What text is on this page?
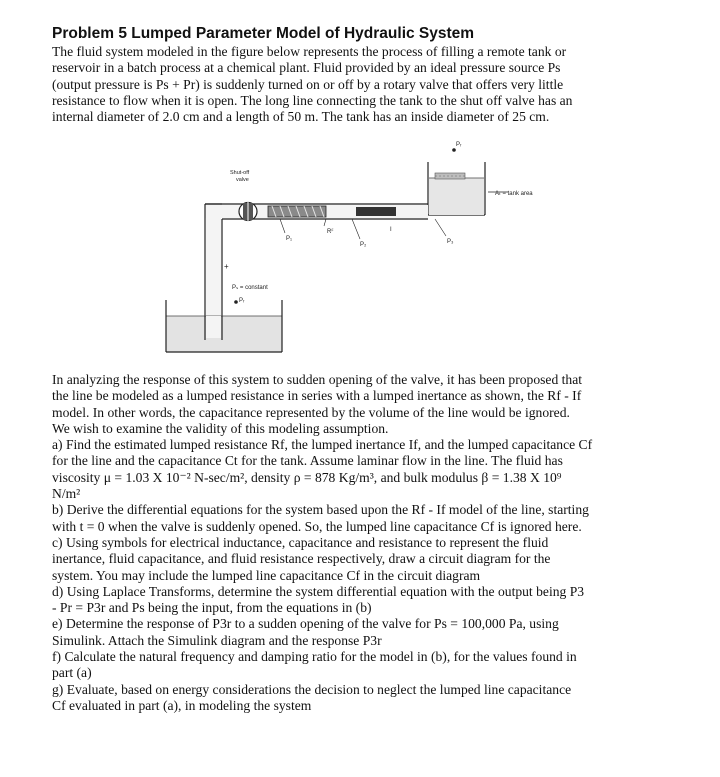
Problem 5 Lumped Parameter Model of Hydraulic System
The fluid system modeled in the figure below represents the process of filling a remote tank or
reservoir in a batch process at a chemical plant. Fluid provided by an ideal pressure source Ps
(output pressure is Ps + Pr) is suddenly turned on or off by a rotary valve that offers very little
resistance to flow when it is open. The long line connecting the tank to the shut off valve has an
internal diameter of 2.0 cm and a length of 50 m. The tank has an inside diameter of 25 cm.
Pᵣ
Aₜ = tank area
Shut-off
valve
P₁
Rꟳ
P₂
I
P₃
+
Pₛ = constant
Pᵣ
In analyzing the response of this system to sudden opening of the valve, it has been proposed that
the line be modeled as a lumped resistance in series with a lumped inertance as shown, the Rf - If
model. In other words, the capacitance represented by the volume of the line would be ignored.
We wish to examine the validity of this modeling assumption.
a) Find the estimated lumped resistance Rf, the lumped inertance If, and the lumped capacitance Cf
for the line and the capacitance Ct for the tank. Assume laminar flow in the line. The fluid has
viscosity μ = 1.03 X 10⁻² N-sec/m², density ρ = 878 Kg/m³, and bulk modulus β = 1.38 X 10⁹
N/m²
b) Derive the differential equations for the system based upon the Rf - If model of the line, starting
with t = 0 when the valve is suddenly opened. So, the lumped line capacitance Cf is ignored here.
c) Using symbols for electrical inductance, capacitance and resistance to represent the fluid
inertance, fluid capacitance, and fluid resistance respectively, draw a circuit diagram for the
system. You may include the lumped line capacitance Cf in the circuit diagram
d) Using Laplace Transforms, determine the system differential equation with the output being P3
- Pr = P3r and Ps being the input, from the equations in (b)
e) Determine the response of P3r to a sudden opening of the valve for Ps = 100,000 Pa, using
Simulink. Attach the Simulink diagram and the response P3r
f) Calculate the natural frequency and damping ratio for the model in (b), for the values found in
part (a)
g) Evaluate, based on energy considerations the decision to neglect the lumped line capacitance
Cf evaluated in part (a), in modeling the system
